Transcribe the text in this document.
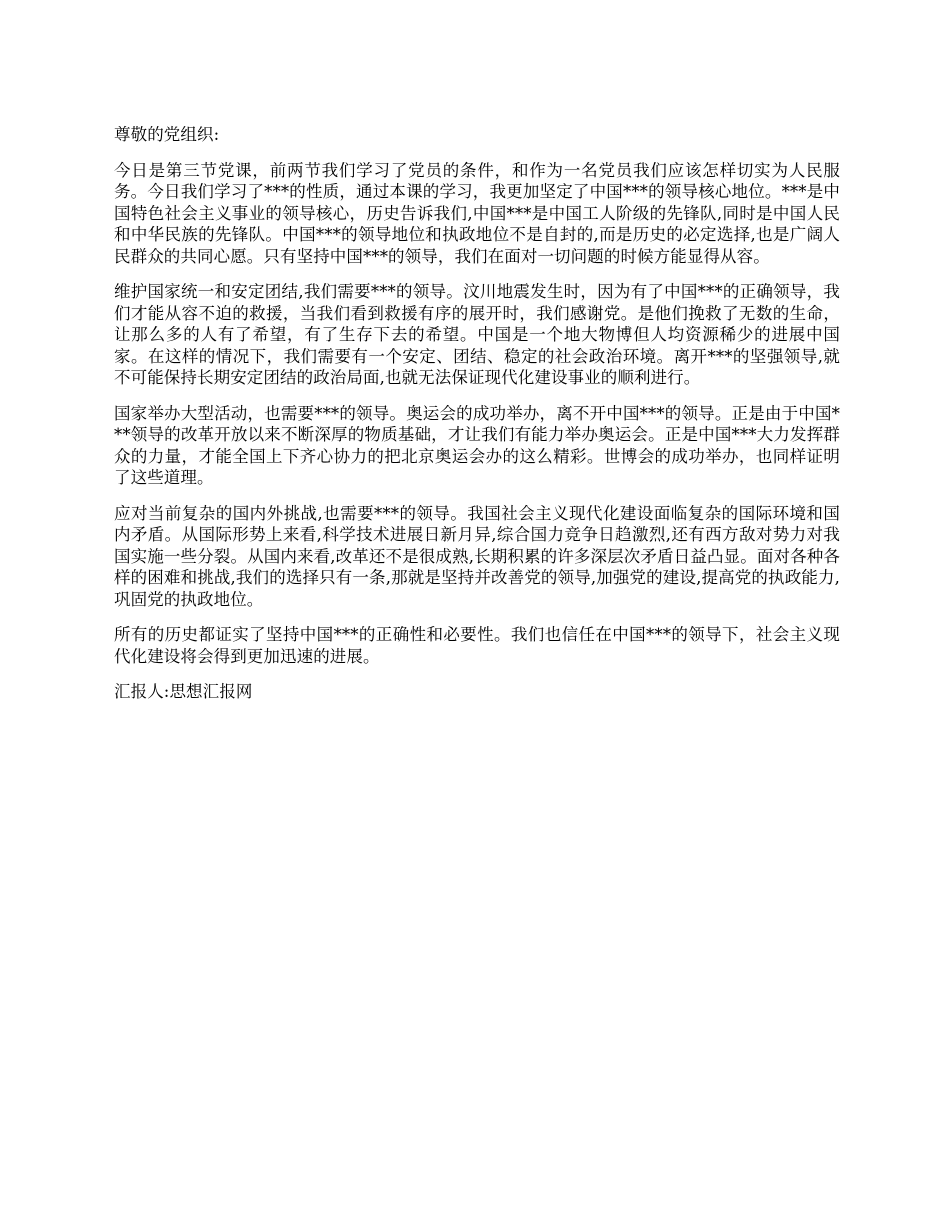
尊敬的党组织:

今日是第三节党课，前两节我们学习了党员的条件，和作为一名党员我们应该怎样切实为人民服务。今日我们学习了***的性质，通过本课的学习，我更加坚定了中国***的领导核心地位。***是中国特色社会主义事业的领导核心，历史告诉我们,中国***是中国工人阶级的先锋队,同时是中国人民和中华民族的先锋队。中国***的领导地位和执政地位不是自封的,而是历史的必定选择,也是广阔人民群众的共同心愿。只有坚持中国***的领导，我们在面对一切问题的时候方能显得从容。

维护国家统一和安定团结,我们需要***的领导。汶川地震发生时，因为有了中国***的正确领导，我们才能从容不迫的救援，当我们看到救援有序的展开时，我们感谢党。是他们挽救了无数的生命，让那么多的人有了希望，有了生存下去的希望。中国是一个地大物博但人均资源稀少的进展中国家。在这样的情况下，我们需要有一个安定、团结、稳定的社会政治环境。离开***的坚强领导,就不可能保持长期安定团结的政治局面,也就无法保证现代化建设事业的顺利进行。

国家举办大型活动，也需要***的领导。奥运会的成功举办，离不开中国***的领导。正是由于中国***领导的改革开放以来不断深厚的物质基础，才让我们有能力举办奥运会。正是中国***大力发挥群众的力量，才能全国上下齐心协力的把北京奥运会办的这么精彩。世博会的成功举办，也同样证明了这些道理。

应对当前复杂的国内外挑战,也需要***的领导。我国社会主义现代化建设面临复杂的国际环境和国内矛盾。从国际形势上来看,科学技术进展日新月异,综合国力竞争日趋激烈,还有西方敌对势力对我国实施一些分裂。从国内来看,改革还不是很成熟,长期积累的许多深层次矛盾日益凸显。面对各种各样的困难和挑战,我们的选择只有一条,那就是坚持并改善党的领导,加强党的建设,提高党的执政能力,巩固党的执政地位。

所有的历史都证实了坚持中国***的正确性和必要性。我们也信任在中国***的领导下，社会主义现代化建设将会得到更加迅速的进展。

汇报人:思想汇报网
